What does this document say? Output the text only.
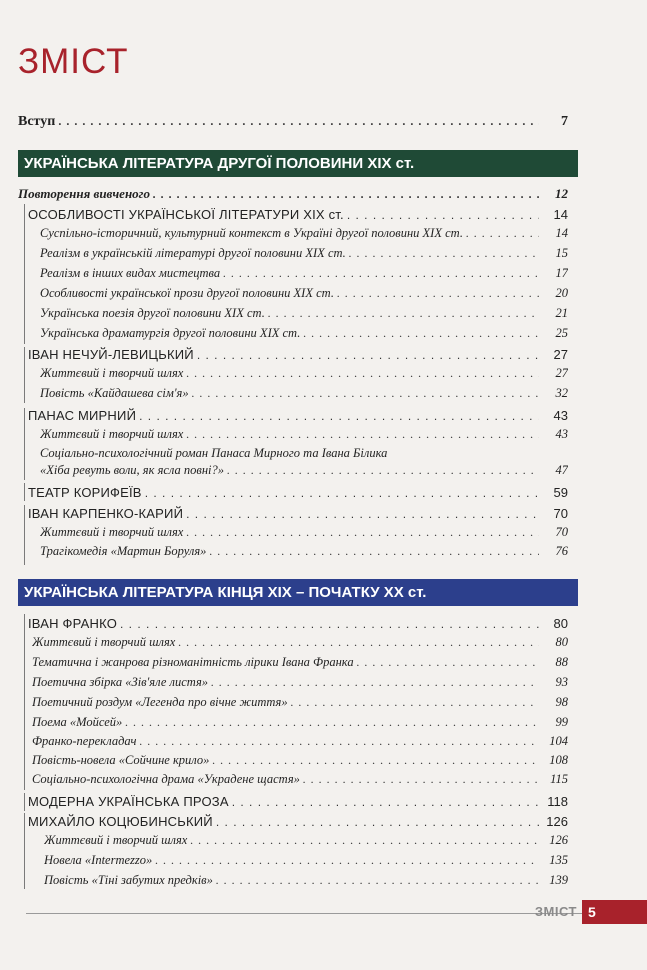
ЗМІСТ
Вступ . . .	7
УКРАЇНСЬКА ЛІТЕРАТУРА ДРУГОЇ ПОЛОВИНИ ХІХ ст.
Повторення вивченого . . .	12
ОСОБЛИВОСТІ УКРАЇНСЬКОЇ ЛІТЕРАТУРИ ХІХ ст. . . .	14
Суспільно-історичний, культурний контекст в Україні другої половини ХІХ ст. . . .	14
Реалізм в українській літературі другої половини ХІХ ст. . . .	15
Реалізм в інших видах мистецтва . . .	17
Особливості української прози другої половини ХІХ ст. . . .	20
Українська поезія другої половини ХІХ ст. . . .	21
Українська драматургія другої половини ХІХ ст. . . .	25
ІВАН НЕЧУЙ-ЛЕВИЦЬКИЙ . . .	27
Життєвий і творчий шлях . . .	27
Повість «Кайдашева сім'я» . . .	32
ПАНАС МИРНИЙ . . .	43
Життєвий і творчий шлях . . .	43
Соціально-психологічний роман Панаса Мирного та Івана Білика
«Хіба ревуть воли, як ясла повні?» . . .	47
ТЕАТР КОРИФЕЇВ . . .	59
ІВАН КАРПЕНКО-КАРИЙ . . .	70
Життєвий і творчий шлях . . .	70
Трагікомедія «Мартин Боруля» . . .	76
УКРАЇНСЬКА ЛІТЕРАТУРА КІНЦЯ ХІХ – ПОЧАТКУ ХХ ст.
ІВАН ФРАНКО . . .	80
Життєвий і творчий шлях . . .	80
Тематична і жанрова різноманітність лірики Івана Франка . . .	88
Поетична збірка «Зів'яле листя» . . .	93
Поетичний роздум «Легенда про вічне життя» . . .	98
Поема «Мойсей» . . .	99
Франко-перекладач . . .	104
Повість-новела «Сойчине крило» . . .	108
Соціально-психологічна драма «Украдене щастя» . . .	115
МОДЕРНА УКРАЇНСЬКА ПРОЗА . . .	118
МИХАЙЛО КОЦЮБИНСЬКИЙ . . .	126
Життєвий і творчий шлях . . .	126
Новела «Intermezzo» . . .	135
Повість «Тіні забутих предків» . . .	139
ЗМІСТ 5
